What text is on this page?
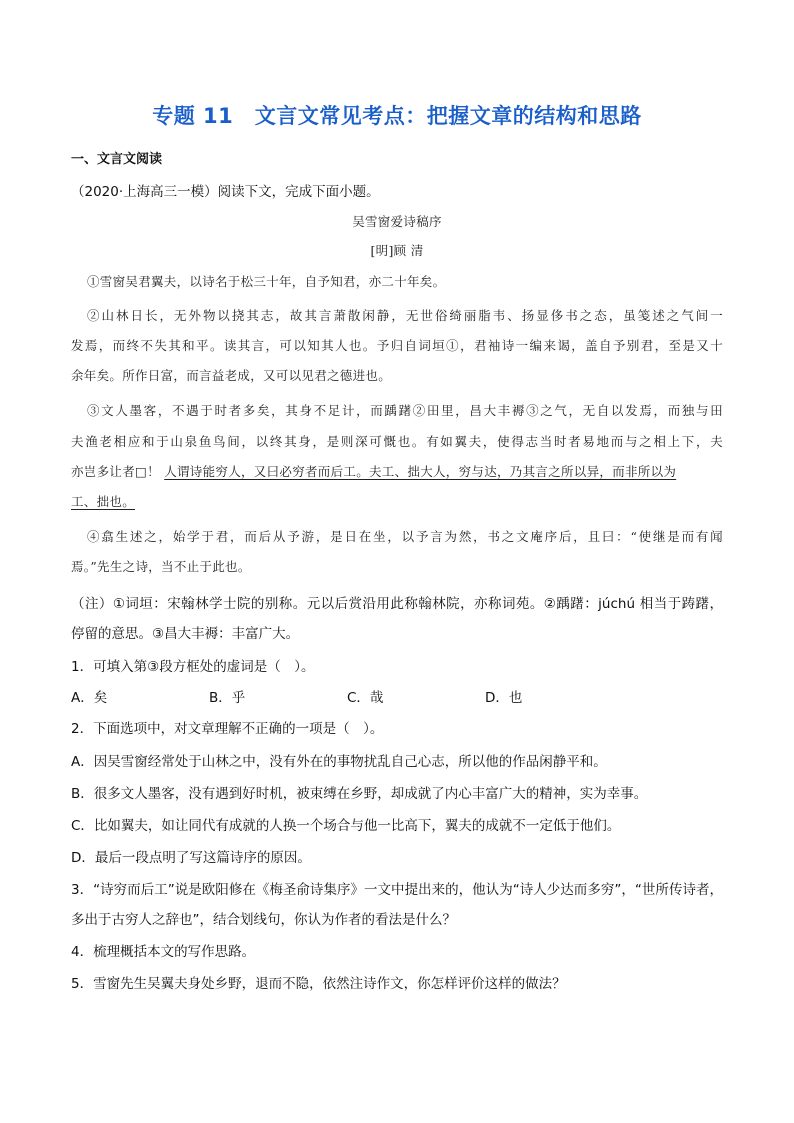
专题 11　文言文常见考点：把握文章的结构和思路
一、文言文阅读
（2020·上海高三一模）阅读下文，完成下面小题。
吴雪窗爱诗稿序
[明]顾 清
①雪窗吴君翼夫，以诗名于松三十年，自予知君，亦二十年矣。
②山林日长，无外物以挠其志，故其言萧散闲静，无世俗绮丽脂韦、扬显侈书之态，虽笺述之气间一
发焉，而终不失其和平。读其言，可以知其人也。予归自词垣①，君袖诗一编来谒，盖自予别君，至是又十
余年矣。所作日富，而言益老成，又可以见君之德进也。
③文人墨客，不遇于时者多矣，其身不足计，而踽躇②田里，昌大丰褥③之气，无自以发焉，而独与田
夫渔老相应和于山泉鱼鸟间，以终其身，是则深可慨也。有如翼夫，使得志当时者易地而与之相上下，夫
亦岂多让者□！ 人谓诗能穷人，又曰必穷者而后工。夫工、拙大人，穷与达，乃其言之所以异，而非所以为
工、拙也。
④翕生述之，始学于君，而后从予游，是日在坐，以予言为然，书之文庵序后，且曰：“使继是而有闻
焉。”先生之诗，当不止于此也。
（注）①词垣：宋翰林学士院的别称。元以后赏沿用此称翰林院，亦称词苑。②踽躇：júchú 相当于踌躇，
停留的意思。③昌大丰褥：丰富广大。
1．可填入第③段方框处的虚词是（　）。
A．矣	B．乎	C．哉	D．也
2．下面选项中，对文章理解不正确的一项是（　）。
A．因吴雪窗经常处于山林之中，没有外在的事物扰乱自己心志，所以他的作品闲静平和。
B．很多文人墨客，没有遇到好时机，被束缚在乡野，却成就了内心丰富广大的精神，实为幸事。
C．比如翼夫，如让同代有成就的人换一个场合与他一比高下，翼夫的成就不一定低于他们。
D．最后一段点明了写这篇诗序的原因。
3．“诗穷而后工”说是欧阳修在《梅圣俞诗集序》一文中提出来的，他认为“诗人少达而多穷”，“世所传诗者，
多出于古穷人之辞也”，结合划线句，你认为作者的看法是什么？
4．梳理概括本文的写作思路。
5．雪窗先生吴翼夫身处乡野，退而不隐，依然注诗作文，你怎样评价这样的做法？
